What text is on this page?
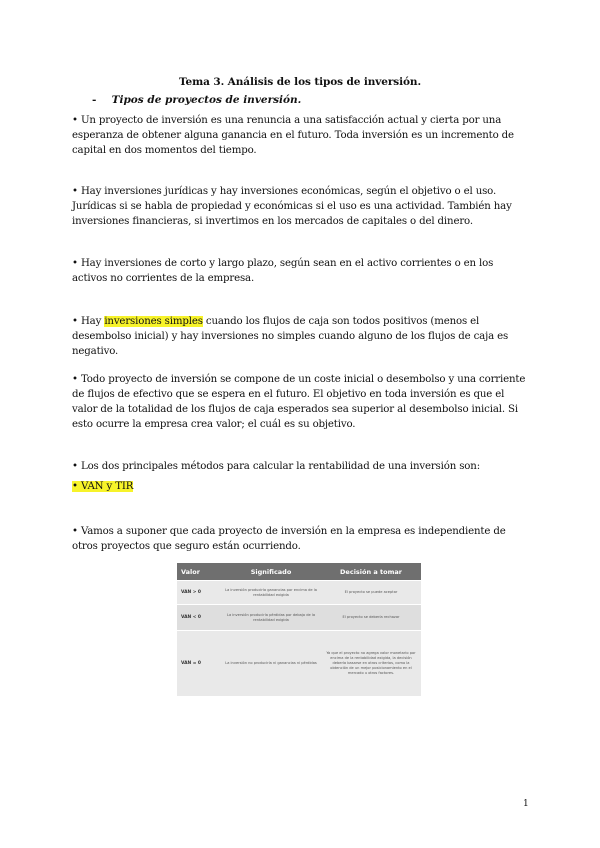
Tema 3. Análisis de los tipos de inversión.
- Tipos de proyectos de inversión.
• Un proyecto de inversión es una renuncia a una satisfacción actual y cierta por una esperanza de obtener alguna ganancia en el futuro. Toda inversión es un incremento de capital en dos momentos del tiempo.
• Hay inversiones jurídicas y hay inversiones económicas, según el objetivo o el uso. Jurídicas si se habla de propiedad y económicas si el uso es una actividad. También hay inversiones financieras, si invertimos en los mercados de capitales o del dinero.
• Hay inversiones de corto y largo plazo, según sean en el activo corrientes o en los activos no corrientes de la empresa.
• Hay inversiones simples cuando los flujos de caja son todos positivos (menos el desembolso inicial) y hay inversiones no simples cuando alguno de los flujos de caja es negativo.
• Todo proyecto de inversión se compone de un coste inicial o desembolso y una corriente de flujos de efectivo que se espera en el futuro. El objetivo en toda inversión es que el valor de la totalidad de los flujos de caja esperados sea superior al desembolso inicial. Si esto ocurre la empresa crea valor; el cuál es su objetivo.
• Los dos principales métodos para calcular la rentabilidad de una inversión son:
• VAN y TIR
• Vamos a suponer que cada proyecto de inversión en la empresa es independiente de otros proyectos que seguro están ocurriendo.
Valor	Significado	Decisión a tomar
VAN > 0	La inversión produciría ganancias por encima de la rentabilidad exigida	El proyecto se puede aceptar
VAN < 0	La inversión produciría pérdidas por debajo de la rentabilidad exigida	El proyecto se debería rechazar
VAN = 0	La inversión no produciría ni ganancias ni pérdidas	Ya que el proyecto no agrega valor monetario por encima de la rentabilidad exigida, la decisión debería basarse en otros criterios, como la obtención de un mejor posicionamiento en el mercado u otros factores.
1
